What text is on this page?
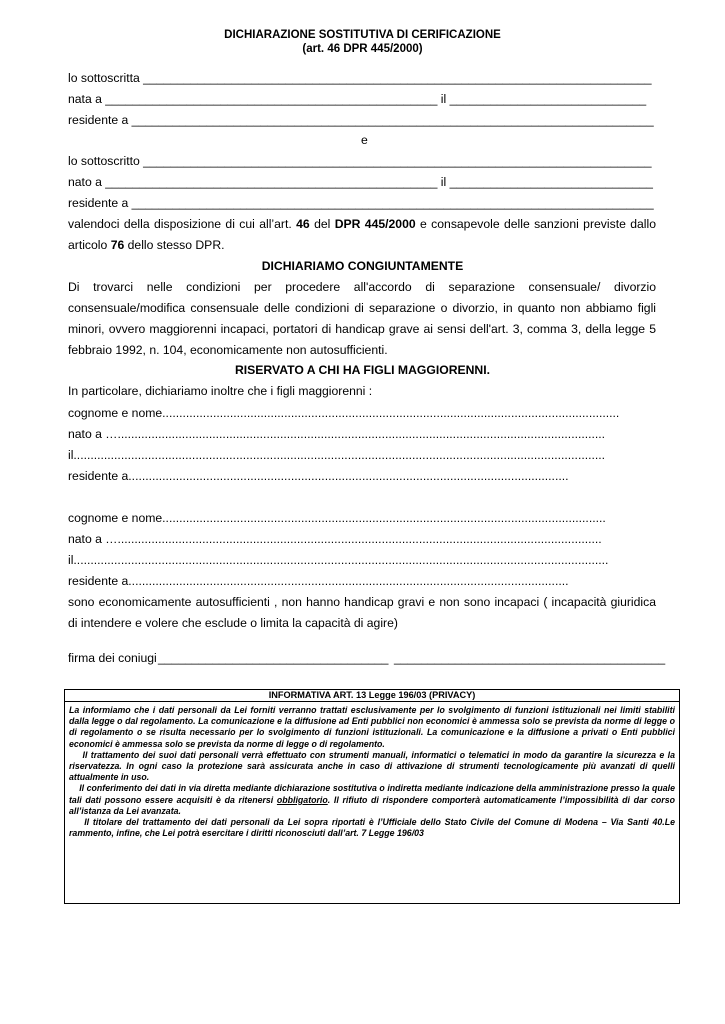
DICHIARAZIONE SOSTITUTIVA DI CERIFICAZIONE
(art. 46 DPR 445/2000)
lo sottoscritta ___________________________________________________________________________
nata a _________________________________________________ il _____________________________
residente a _____________________________________________________________________________
e
lo sottoscritto ___________________________________________________________________________
nato a _________________________________________________ il ______________________________
residente a _____________________________________________________________________________
valendoci della disposizione di cui all’art. 46 del DPR 445/2000 e consapevole delle sanzioni previste dallo
articolo 76 dello stesso DPR.
DICHIARIAMO CONGIUNTAMENTE
Di trovarci nelle condizioni per procedere all'accordo di separazione consensuale/ divorzio
consensuale/modifica consensuale delle condizioni di separazione o divorzio, in quanto non abbiamo figli
minori, ovvero maggiorenni incapaci, portatori di handicap grave ai sensi dell'art. 3, comma 3, della legge 5
febbraio 1992, n. 104, economicamente non autosufficienti.
RISERVATO A CHI HA FIGLI MAGGIORENNI.
In particolare, dichiariamo inoltre che i figli maggiorenni :
cognome e nome.......................................................................................................................................
nato a …................................................................................................................................................
il.............................................................................................................................................................
residente a..................................................................................................................................
cognome e nome...................................................................................................................................
nato a …...............................................................................................................................................
il..............................................................................................................................................................
residente a..................................................................................................................................
sono economicamente autosufficienti , non hanno handicap gravi e non sono incapaci ( incapacità giuridica
di intendere e volere che esclude o limita la capacità di agire)
firma dei coniugi __________________________________ ________________________________________
INFORMATIVA ART. 13 Legge 196/03 (PRIVACY)

La informiamo che i dati personali da Lei forniti verranno trattati esclusivamente per lo svolgimento di funzioni istituzionali nei limiti stabiliti dalla legge o dal regolamento. La comunicazione e la diffusione ad Enti pubblici non economici è ammessa solo se prevista da norme di legge o di regolamento o se risulta necessario per lo svolgimento di funzioni istituzionali. La comunicazione e la diffusione a privati o Enti pubblici economici è ammessa solo se prevista da norme di legge o di regolamento.

Il trattamento dei suoi dati personali verrà effettuato con strumenti manuali, informatici o telematici in modo da garantire la sicurezza e la riservatezza. In ogni caso la protezione sarà assicurata anche in caso di attivazione di strumenti tecnologicamente più avanzati di quelli attualmente in uso.

Il conferimento dei dati in via diretta mediante dichiarazione sostitutiva o indiretta mediante indicazione della amministrazione presso la quale tali dati possono essere acquisiti è da ritenersi obbligatorio. Il rifiuto di rispondere comporterà automaticamente l’impossibilità di dar corso all’istanza da Lei avanzata.

Il titolare del trattamento dei dati personali da Lei sopra riportati è l’Ufficiale dello Stato Civile del Comune di Modena – Via Santi 40.Le rammento, infine, che Lei potrà esercitare i diritti riconosciuti dall’art. 7 Legge 196/03
